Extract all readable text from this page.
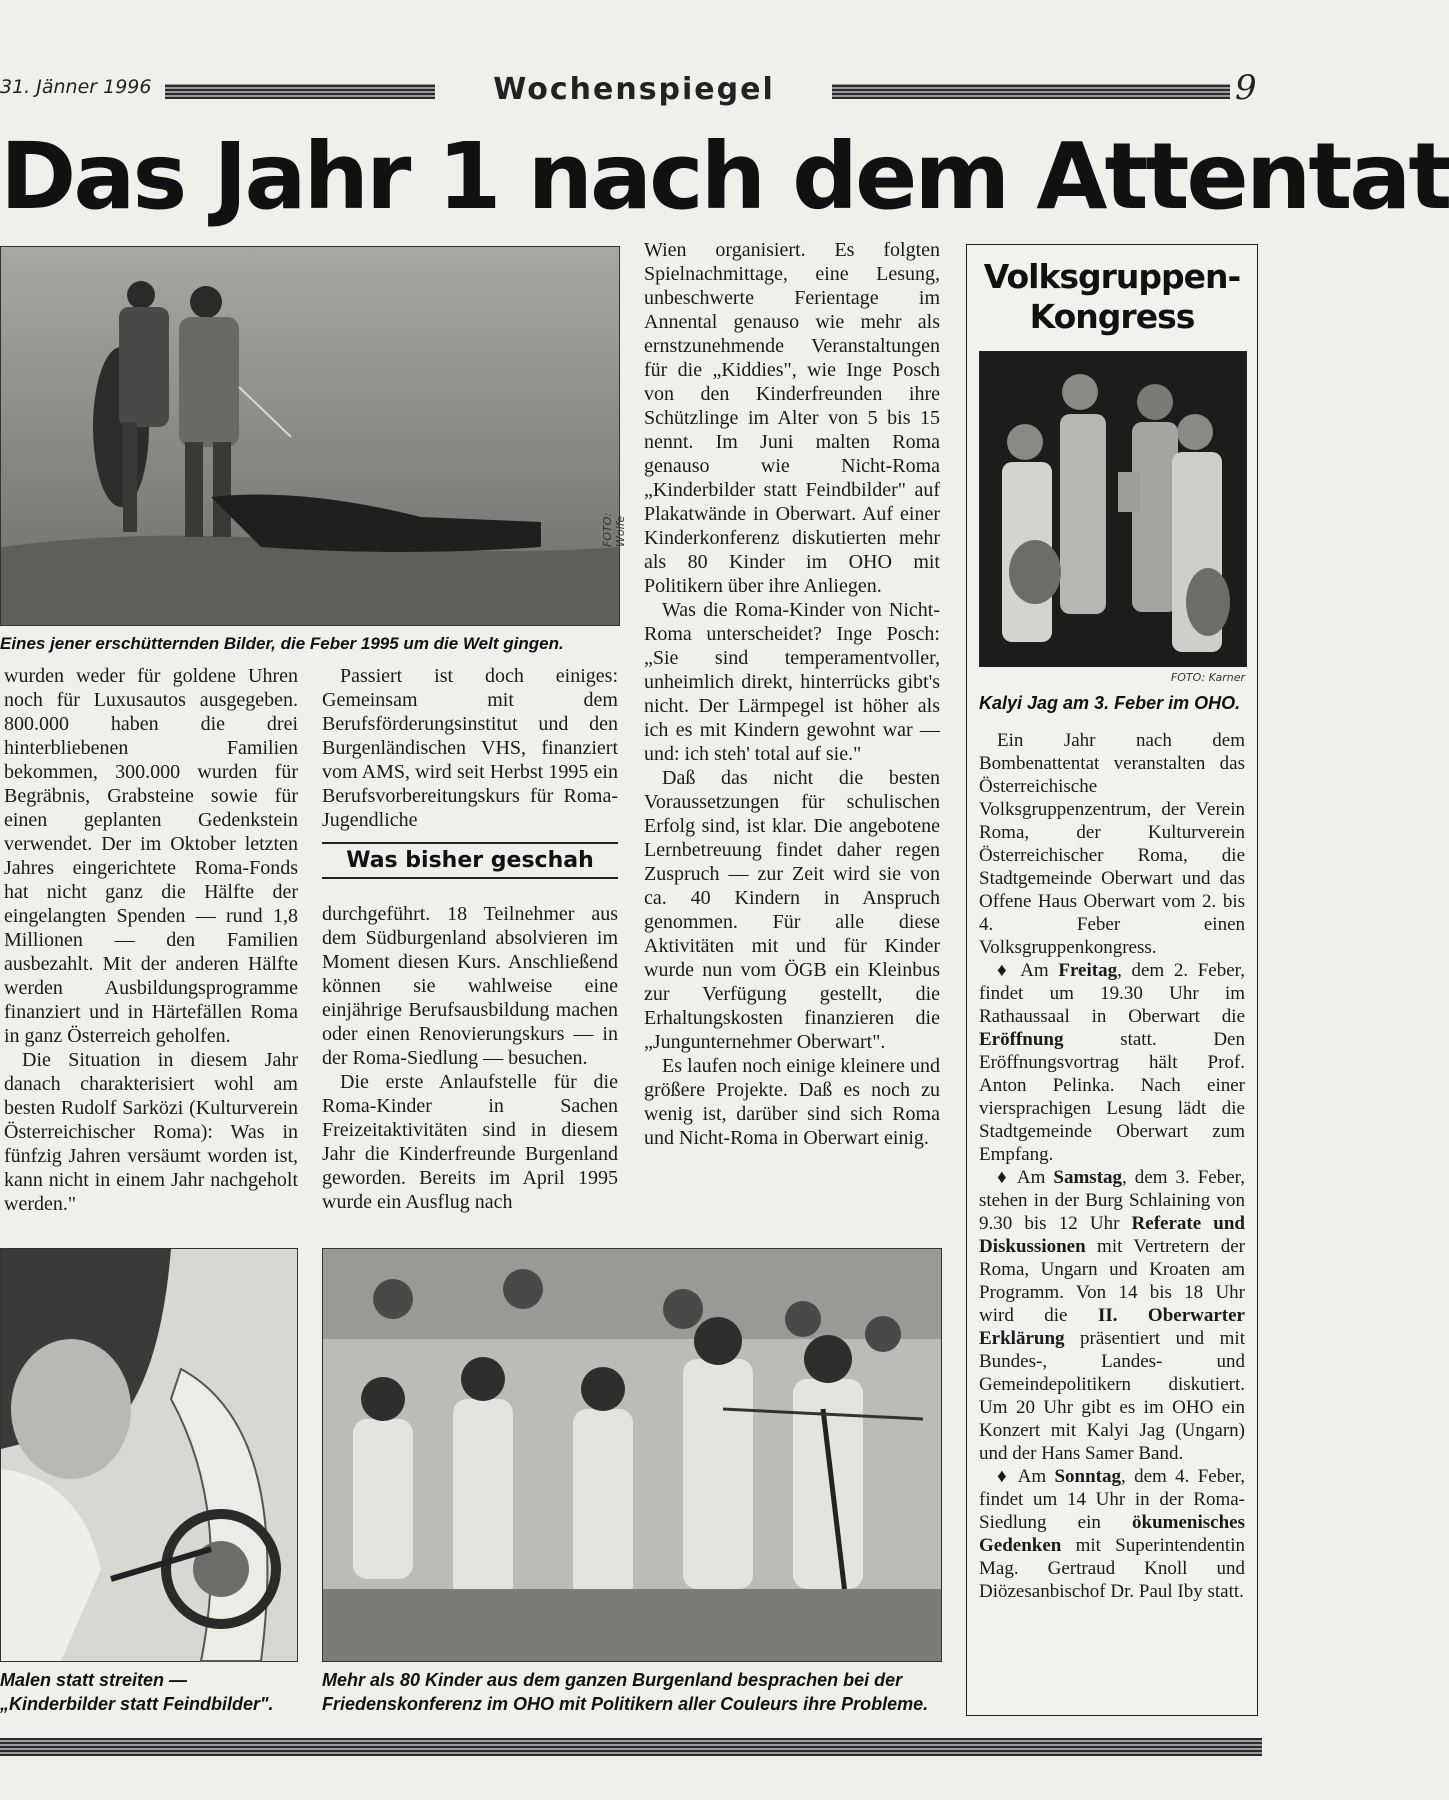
31. Jänner 1996	Wochenspiegel	9
Das Jahr 1 nach dem Attentat
FOTO: Wolfe
Eines jener erschütternden Bilder, die Feber 1995 um die Welt gingen.

wurden weder für goldene Uhren noch für Luxusautos ausgegeben. 800.000 haben die drei hinterbliebenen Familien bekommen, 300.000 wurden für Begräbnis, Grabsteine sowie für einen geplanten Gedenkstein verwendet. Der im Oktober letzten Jahres eingerichtete Roma-Fonds hat nicht ganz die Hälfte der eingelangten Spenden — rund 1,8 Millionen — den Familien ausbezahlt. Mit der anderen Hälfte werden Ausbildungsprogramme finanziert und in Härtefällen Roma in ganz Österreich geholfen.

Die Situation in diesem Jahr danach charakterisiert wohl am besten Rudolf Sarközi (Kulturverein Österreichischer Roma): Was in fünfzig Jahren versäumt worden ist, kann nicht in einem Jahr nachgeholt werden."

Passiert ist doch einiges: Gemeinsam mit dem Berufsförderungsinstitut und den Burgenländischen VHS, finanziert vom AMS, wird seit Herbst 1995 ein Berufsvorbereitungskurs für Roma-Jugendliche

Was bisher geschah

durchgeführt. 18 Teilnehmer aus dem Südburgenland absolvieren im Moment diesen Kurs. Anschließend können sie wahlweise eine einjährige Berufsausbildung machen oder einen Renovierungskurs — in der Roma-Siedlung — besuchen.

Die erste Anlaufstelle für die Roma-Kinder in Sachen Freizeitaktivitäten sind in diesem Jahr die Kinderfreunde Burgenland geworden. Bereits im April 1995 wurde ein Ausflug nach

Wien organisiert. Es folgten Spielnachmittage, eine Lesung, unbeschwerte Ferientage im Annental genauso wie mehr als ernstzunehmende Veranstaltungen für die „Kiddies", wie Inge Posch von den Kinderfreunden ihre Schützlinge im Alter von 5 bis 15 nennt. Im Juni malten Roma genauso wie Nicht-Roma „Kinderbilder statt Feindbilder" auf Plakatwände in Oberwart. Auf einer Kinderkonferenz diskutierten mehr als 80 Kinder im OHO mit Politikern über ihre Anliegen.

Was die Roma-Kinder von Nicht-Roma unterscheidet? Inge Posch: „Sie sind temperamentvoller, unheimlich direkt, hinterrücks gibt's nicht. Der Lärmpegel ist höher als ich es mit Kindern gewohnt war — und: ich steh' total auf sie."

Daß das nicht die besten Voraussetzungen für schulischen Erfolg sind, ist klar. Die angebotene Lernbetreuung findet daher regen Zuspruch — zur Zeit wird sie von ca. 40 Kindern in Anspruch genommen. Für alle diese Aktivitäten mit und für Kinder wurde nun vom ÖGB ein Kleinbus zur Verfügung gestellt, die Erhaltungskosten finanzieren die „Jungunternehmer Oberwart".

Es laufen noch einige kleinere und größere Projekte. Daß es noch zu wenig ist, darüber sind sich Roma und Nicht-Roma in Oberwart einig.

Volksgruppen-
Kongress
FOTO: Karner
Kalyi Jag am 3. Feber im OHO.

Ein Jahr nach dem Bombenattentat veranstalten das Österreichische Volksgruppenzentrum, der Verein Roma, der Kulturverein Österreichischer Roma, die Stadtgemeinde Oberwart und das Offene Haus Oberwart vom 2. bis 4. Feber einen Volksgruppenkongress.

♦ Am Freitag, dem 2. Feber, findet um 19.30 Uhr im Rathaussaal in Oberwart die Eröffnung statt. Den Eröffnungsvortrag hält Prof. Anton Pelinka. Nach einer viersprachigen Lesung lädt die Stadtgemeinde Oberwart zum Empfang.

♦ Am Samstag, dem 3. Feber, stehen in der Burg Schlaining von 9.30 bis 12 Uhr Referate und Diskussionen mit Vertretern der Roma, Ungarn und Kroaten am Programm. Von 14 bis 18 Uhr wird die II. Oberwarter Erklärung präsentiert und mit Bundes-, Landes- und Gemeindepolitikern diskutiert. Um 20 Uhr gibt es im OHO ein Konzert mit Kalyi Jag (Ungarn) und der Hans Samer Band.

♦ Am Sonntag, dem 4. Feber, findet um 14 Uhr in der Roma-Siedlung ein ökumenisches Gedenken mit Superintendentin Mag. Gertraud Knoll und Diözesanbischof Dr. Paul Iby statt.

Malen statt streiten — „Kinderbilder statt Feindbilder".
Mehr als 80 Kinder aus dem ganzen Burgenland besprachen bei der Friedenskonferenz im OHO mit Politikern aller Couleurs ihre Probleme.
